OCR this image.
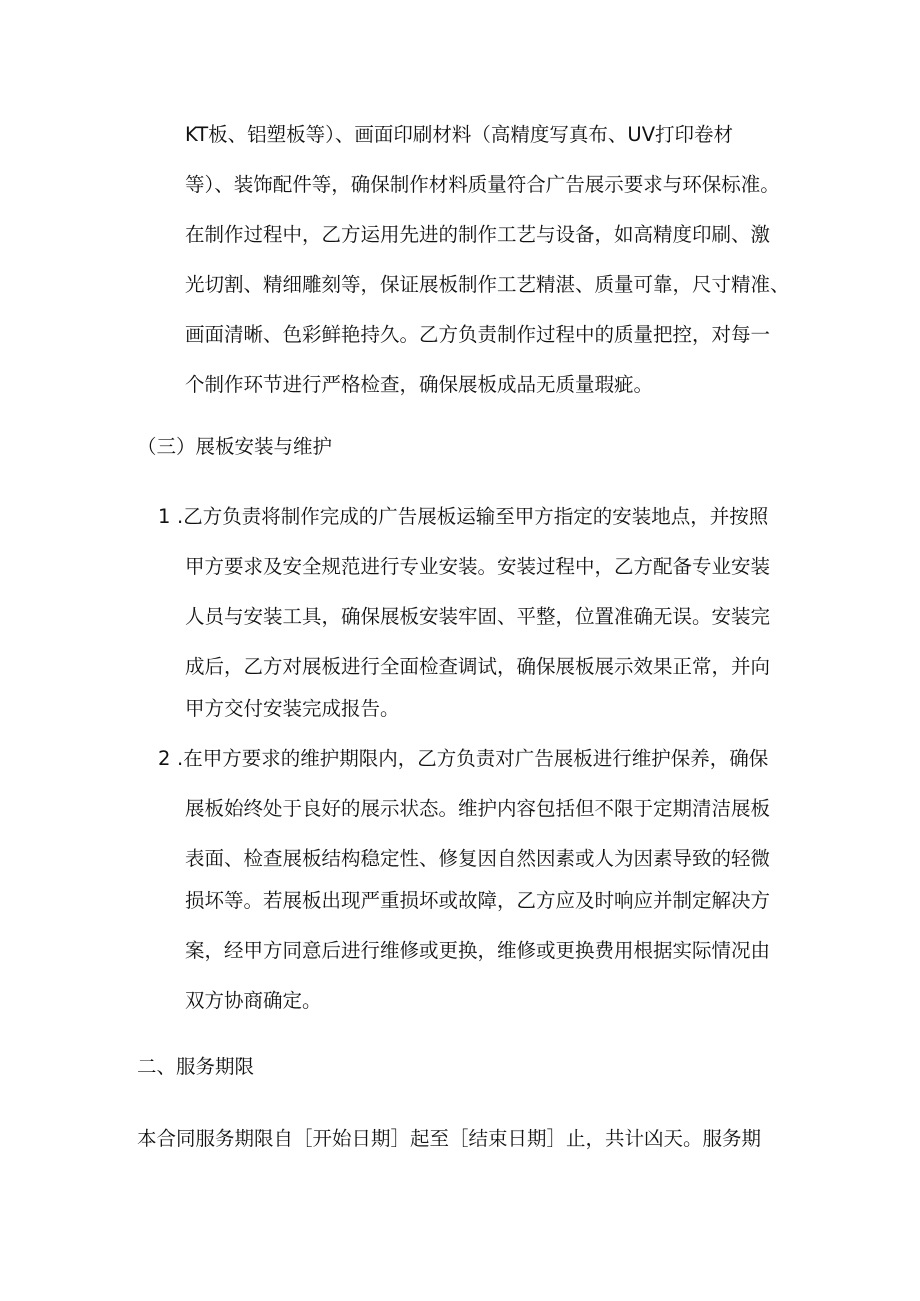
KT板、铝塑板等）、画面印刷材料（高精度写真布、UV打印卷材
等）、装饰配件等，确保制作材料质量符合广告展示要求与环保标准。
在制作过程中，乙方运用先进的制作工艺与设备，如高精度印刷、激
光切割、精细雕刻等，保证展板制作工艺精湛、质量可靠，尺寸精准、
画面清晰、色彩鲜艳持久。乙方负责制作过程中的质量把控，对每一
个制作环节进行严格检查，确保展板成品无质量瑕疵。
（三）展板安装与维护
1 .乙方负责将制作完成的广告展板运输至甲方指定的安装地点，并按照
甲方要求及安全规范进行专业安装。安装过程中，乙方配备专业安装
人员与安装工具，确保展板安装牢固、平整，位置准确无误。安装完
成后，乙方对展板进行全面检查调试，确保展板展示效果正常，并向
甲方交付安装完成报告。
2 .在甲方要求的维护期限内，乙方负责对广告展板进行维护保养，确保
展板始终处于良好的展示状态。维护内容包括但不限于定期清洁展板
表面、检查展板结构稳定性、修复因自然因素或人为因素导致的轻微
损坏等。若展板出现严重损坏或故障，乙方应及时响应并制定解决方
案，经甲方同意后进行维修或更换，维修或更换费用根据实际情况由
双方协商确定。
二、服务期限
本合同服务期限自［开始日期］起至［结束日期］止，共计凶天。服务期
